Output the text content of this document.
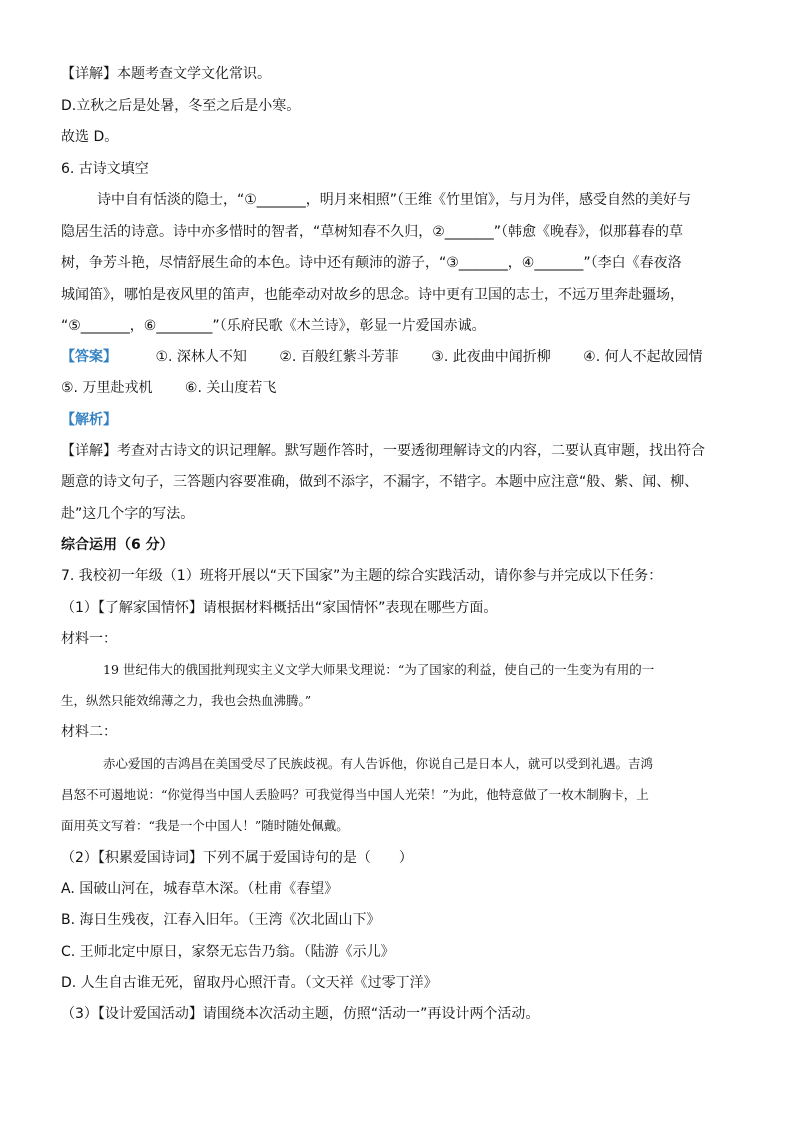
【详解】本题考查文学文化常识。
D.立秋之后是处暑，冬至之后是小寒。
故选 D。
6. 古诗文填空
诗中自有恬淡的隐士，“①_______，明月来相照”（王维《竹里馆》，与月为伴，感受自然的美好与
隐居生活的诗意。诗中亦多惜时的智者，“草树知春不久归，②_______”（韩愈《晚春》，似那暮春的草
树，争芳斗艳，尽情舒展生命的本色。诗中还有颠沛的游子，“③_______，④_______”（李白《春夜洛
城闻笛》，哪怕是夜风里的笛声，也能牵动对故乡的思念。诗中更有卫国的志士，不远万里奔赴疆场，
“⑤_______，⑥________”（乐府民歌《木兰诗》，彰显一片爱国赤诚。
【答案】	①. 深林人不知 ②. 百般红紫斗芳菲 ③. 此夜曲中闻折柳 ④. 何人不起故园情
⑤. 万里赴戎机 ⑥. 关山度若飞
【解析】
【详解】考查对古诗文的识记理解。默写题作答时，一要透彻理解诗文的内容，二要认真审题，找出符合
题意的诗文句子，三答题内容要准确，做到不添字，不漏字，不错字。本题中应注意“般、紫、闻、柳、
赴”这几个字的写法。
综合运用（6 分）
7. 我校初一年级（1）班将开展以“天下国家”为主题的综合实践活动，请你参与并完成以下任务：
（1）【了解家国情怀】请根据材料概括出“家国情怀”表现在哪些方面。
材料一：
19 世纪伟大的俄国批判现实主义文学大师果戈理说：“为了国家的利益，使自己的一生变为有用的一
生，纵然只能效绵薄之力，我也会热血沸腾。”
材料二：
赤心爱国的吉鸿昌在美国受尽了民族歧视。有人告诉他，你说自己是日本人，就可以受到礼遇。吉鸿
昌怒不可遏地说：“你觉得当中国人丢脸吗？可我觉得当中国人光荣！”为此，他特意做了一枚木制胸卡，上
面用英文写着：“我是一个中国人！”随时随处佩戴。
（2）【积累爱国诗词】下列不属于爱国诗句的是（　　）
A. 国破山河在，城春草木深。（杜甫《春望》
B. 海日生残夜，江春入旧年。（王湾《次北固山下》
C. 王师北定中原日，家祭无忘告乃翁。（陆游《示儿》
D. 人生自古谁无死，留取丹心照汗青。（文天祥《过零丁洋》
（3）【设计爱国活动】请围绕本次活动主题，仿照“活动一”再设计两个活动。
